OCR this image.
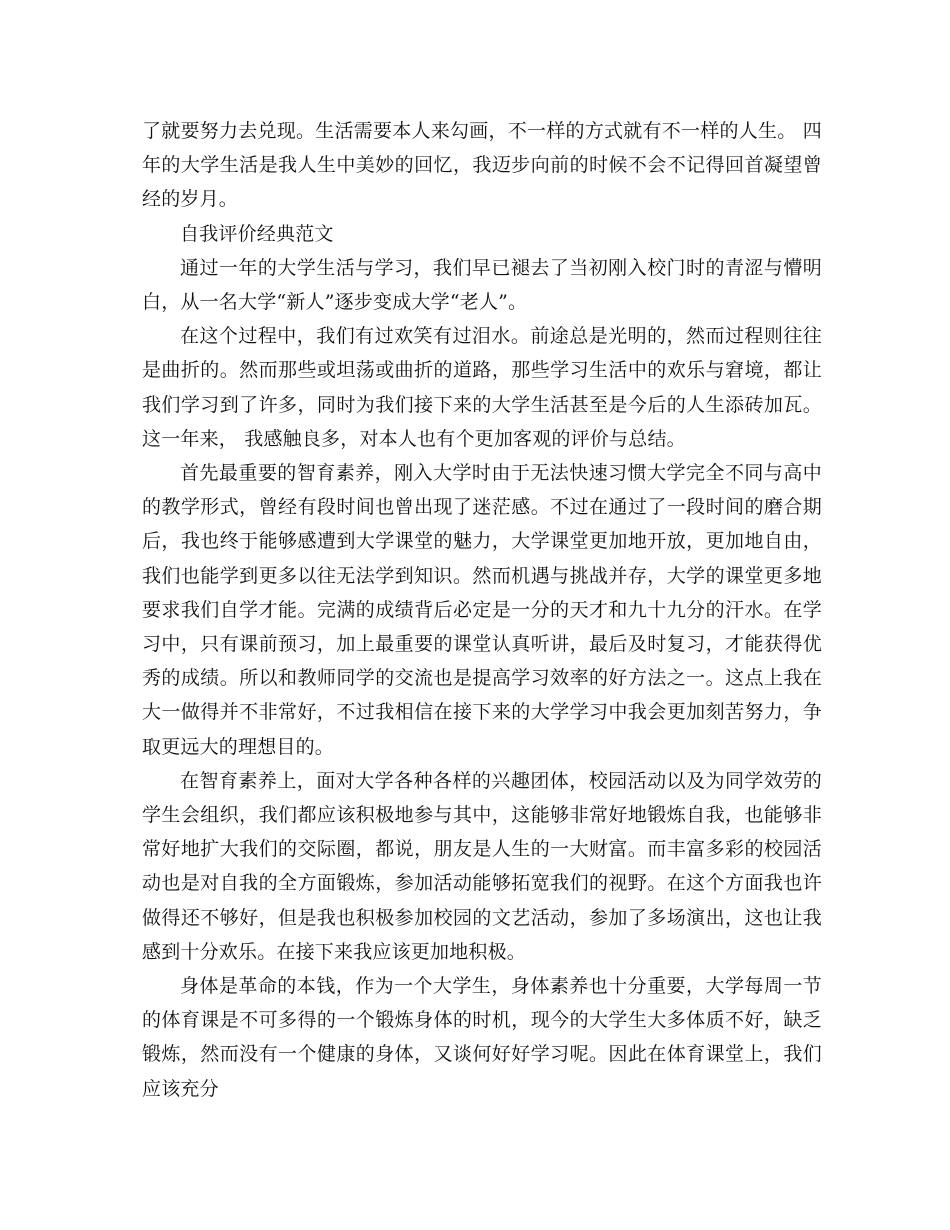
了就要努力去兑现。生活需要本人来勾画，不一样的方式就有不一样的人生。 四年的大学生活是我人生中美妙的回忆，我迈步向前的时候不会不记得回首凝望曾经的岁月。

自我评价经典范文

通过一年的大学生活与学习，我们早已褪去了当初刚入校门时的青涩与懵明白，从一名大学“新人”逐步变成大学“老人”。

在这个过程中，我们有过欢笑有过泪水。前途总是光明的，然而过程则往往是曲折的。然而那些或坦荡或曲折的道路，那些学习生活中的欢乐与窘境，都让我们学习到了许多，同时为我们接下来的大学生活甚至是今后的人生添砖加瓦。这一年来， 我感触良多，对本人也有个更加客观的评价与总结。

首先最重要的智育素养，刚入大学时由于无法快速习惯大学完全不同与高中的教学形式，曾经有段时间也曾出现了迷茫感。不过在通过了一段时间的磨合期后，我也终于能够感遭到大学课堂的魅力，大学课堂更加地开放，更加地自由，我们也能学到更多以往无法学到知识。然而机遇与挑战并存，大学的课堂更多地要求我们自学才能。完满的成绩背后必定是一分的天才和九十九分的汗水。在学习中，只有课前预习，加上最重要的课堂认真听讲，最后及时复习，才能获得优秀的成绩。所以和教师同学的交流也是提高学习效率的好方法之一。这点上我在大一做得并不非常好，不过我相信在接下来的大学学习中我会更加刻苦努力，争取更远大的理想目的。

在智育素养上，面对大学各种各样的兴趣团体，校园活动以及为同学效劳的学生会组织，我们都应该积极地参与其中，这能够非常好地锻炼自我，也能够非常好地扩大我们的交际圈，都说，朋友是人生的一大财富。而丰富多彩的校园活动也是对自我的全方面锻炼，参加活动能够拓宽我们的视野。在这个方面我也许做得还不够好，但是我也积极参加校园的文艺活动，参加了多场演出，这也让我感到十分欢乐。在接下来我应该更加地积极。

身体是革命的本钱，作为一个大学生，身体素养也十分重要，大学每周一节的体育课是不可多得的一个锻炼身体的时机，现今的大学生大多体质不好，缺乏锻炼，然而没有一个健康的身体，又谈何好好学习呢。因此在体育课堂上，我们应该充分
